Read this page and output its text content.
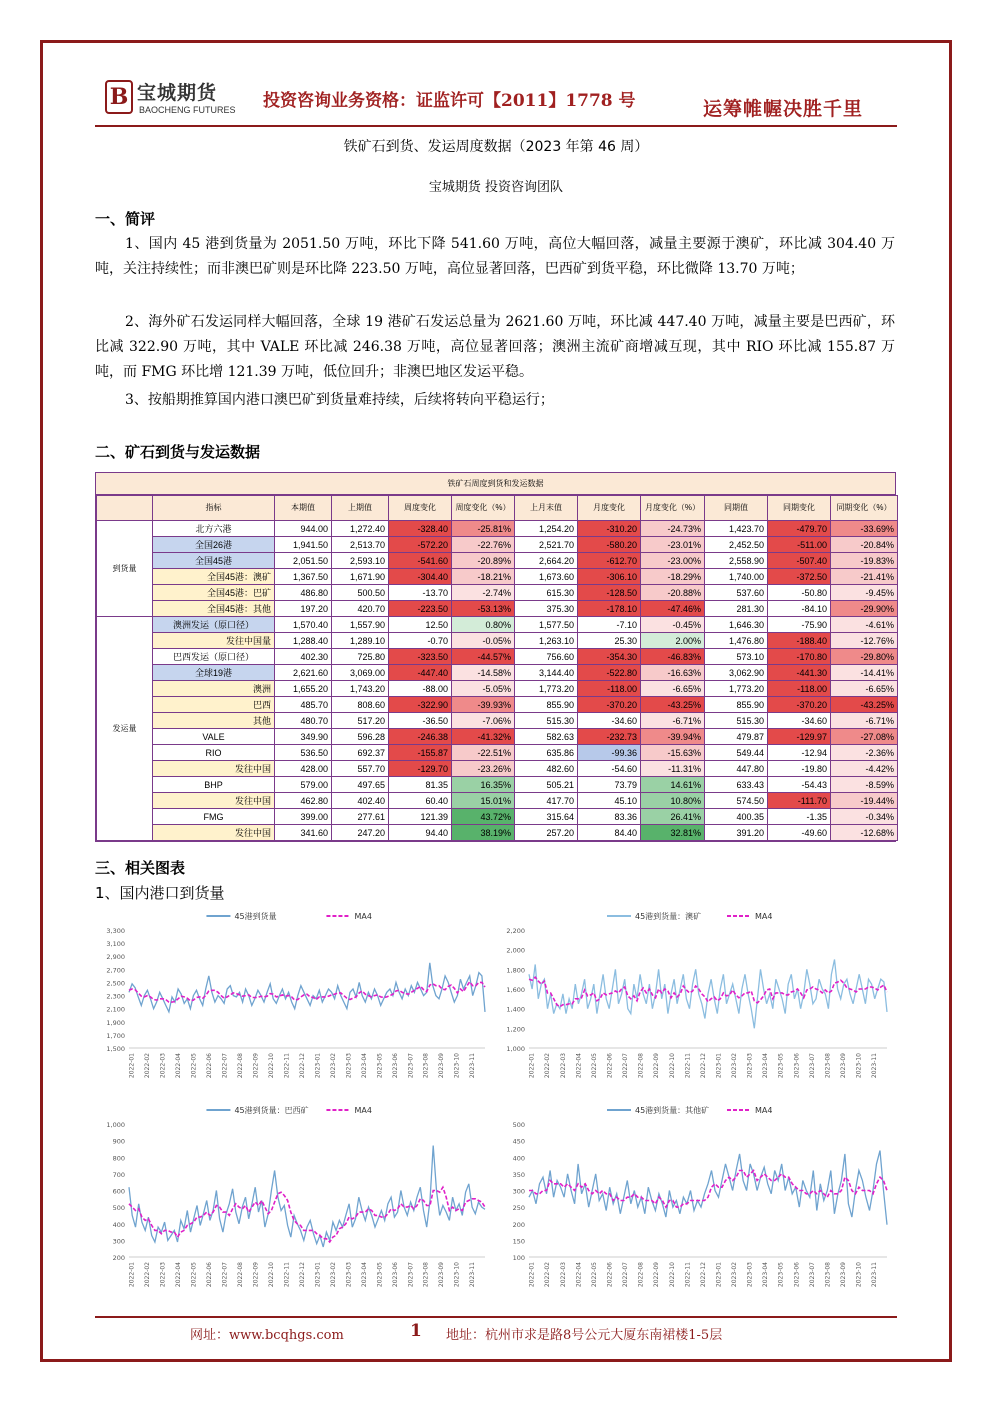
B 宝城期货
BAOCHENG FUTURES 投资咨询业务资格：证监许可【2011】1778 号	运筹帷幄决胜千里
铁矿石到货、发运周度数据（2023 年第 46 周）
宝城期货 投资咨询团队
一、简评
1、国内 45 港到货量为 2051.50 万吨，环比下降 541.60 万吨，高位大幅回落，减量主要源于澳矿，环比减 304.40 万吨，关注持续性；而非澳巴矿则是环比降 223.50 万吨，高位显著回落，巴西矿到货平稳，环比微降 13.70 万吨；
2、海外矿石发运同样大幅回落，全球 19 港矿石发运总量为 2621.60 万吨，环比减 447.40 万吨，减量主要是巴西矿，环比减 322.90 万吨，其中 VALE 环比减 246.38 万吨，高位显著回落；澳洲主流矿商增减互现，其中 RIO 环比减 155.87 万吨，而 FMG 环比增 121.39 万吨，低位回升；非澳巴地区发运平稳。
3、按船期推算国内港口澳巴矿到货量难持续，后续将转向平稳运行；
二、矿石到货与发运数据
铁矿石周度到货和发运数据
	指标	本期值	上期值	周度变化	周度变化（%）	上月末值	月度变化	月度变化（%）	同期值	同期变化	同期变化（%）
到货量	北方六港	944.00	1,272.40	-328.40	-25.81%	1,254.20	-310.20	-24.73%	1,423.70	-479.70	-33.69%
	全国26港	1,941.50	2,513.70	-572.20	-22.76%	2,521.70	-580.20	-23.01%	2,452.50	-511.00	-20.84%
	全国45港	2,051.50	2,593.10	-541.60	-20.89%	2,664.20	-612.70	-23.00%	2,558.90	-507.40	-19.83%
	全国45港：澳矿	1,367.50	1,671.90	-304.40	-18.21%	1,673.60	-306.10	-18.29%	1,740.00	-372.50	-21.41%
	全国45港：巴矿	486.80	500.50	-13.70	-2.74%	615.30	-128.50	-20.88%	537.60	-50.80	-9.45%
	全国45港：其他	197.20	420.70	-223.50	-53.13%	375.30	-178.10	-47.46%	281.30	-84.10	-29.90%
发运量	澳洲发运（原口径）	1,570.40	1,557.90	12.50	0.80%	1,577.50	-7.10	-0.45%	1,646.30	-75.90	-4.61%
	发往中国量	1,288.40	1,289.10	-0.70	-0.05%	1,263.10	25.30	2.00%	1,476.80	-188.40	-12.76%
	巴西发运（原口径）	402.30	725.80	-323.50	-44.57%	756.60	-354.30	-46.83%	573.10	-170.80	-29.80%
	全球19港	2,621.60	3,069.00	-447.40	-14.58%	3,144.40	-522.80	-16.63%	3,062.90	-441.30	-14.41%
	澳洲	1,655.20	1,743.20	-88.00	-5.05%	1,773.20	-118.00	-6.65%	1,773.20	-118.00	-6.65%
	巴西	485.70	808.60	-322.90	-39.93%	855.90	-370.20	-43.25%	855.90	-370.20	-43.25%
	其他	480.70	517.20	-36.50	-7.06%	515.30	-34.60	-6.71%	515.30	-34.60	-6.71%
	VALE	349.90	596.28	-246.38	-41.32%	582.63	-232.73	-39.94%	479.87	-129.97	-27.08%
	RIO	536.50	692.37	-155.87	-22.51%	635.86	-99.36	-15.63%	549.44	-12.94	-2.36%
	发往中国	428.00	557.70	-129.70	-23.26%	482.60	-54.60	-11.31%	447.80	-19.80	-4.42%
	BHP	579.00	497.65	81.35	16.35%	505.21	73.79	14.61%	633.43	-54.43	-8.59%
	发往中国	462.80	402.40	60.40	15.01%	417.70	45.10	10.80%	574.50	-111.70	-19.44%
	FMG	399.00	277.61	121.39	43.72%	315.64	83.36	26.41%	400.35	-1.35	-0.34%
	发往中国	341.60	247.20	94.40	38.19%	257.20	84.40	32.81%	391.20	-49.60	-12.68%
三、相关图表
1、国内港口到货量
45港到货量	MA4
3,300
3,100
2,900
2,700
2,500
2,300
2,100
1,900
1,700
1,500
2022-01 2022-02 2022-03 2022-04 2022-05 2022-06 2022-07 2022-08 2022-09 2022-10 2022-11 2022-12 2023-01 2023-02 2023-03 2023-04 2023-05 2023-06 2023-07 2023-08 2023-09 2023-10 2023-11
45港到货量：澳矿	MA4
2,200
2,000
1,800
1,600
1,400
1,200
1,000
2022-01 2022-02 2022-03 2022-04 2022-05 2022-06 2022-07 2022-08 2022-09 2022-10 2022-11 2022-12 2023-01 2023-02 2023-03 2023-04 2023-05 2023-06 2023-07 2023-08 2023-09 2023-10 2023-11
45港到货量：巴西矿	MA4
1,000
900
800
700
600
500
400
300
200
2022-01 2022-02 2022-03 2022-04 2022-05 2022-06 2022-07 2022-08 2022-09 2022-10 2022-11 2022-12 2023-01 2023-02 2023-03 2023-04 2023-05 2023-06 2023-07 2023-08 2023-09 2023-10 2023-11
45港到货量：其他矿	MA4
500
450
400
350
300
250
200
150
100
2022-01 2022-02 2022-03 2022-04 2022-05 2022-06 2022-07 2022-08 2022-09 2022-10 2022-11 2022-12 2023-01 2023-02 2023-03 2023-04 2023-05 2023-06 2023-07 2023-08 2023-09 2023-10 2023-11
网址：www.bcqhgs.com	1 地址：杭州市求是路8号公元大厦东南裙楼1-5层
